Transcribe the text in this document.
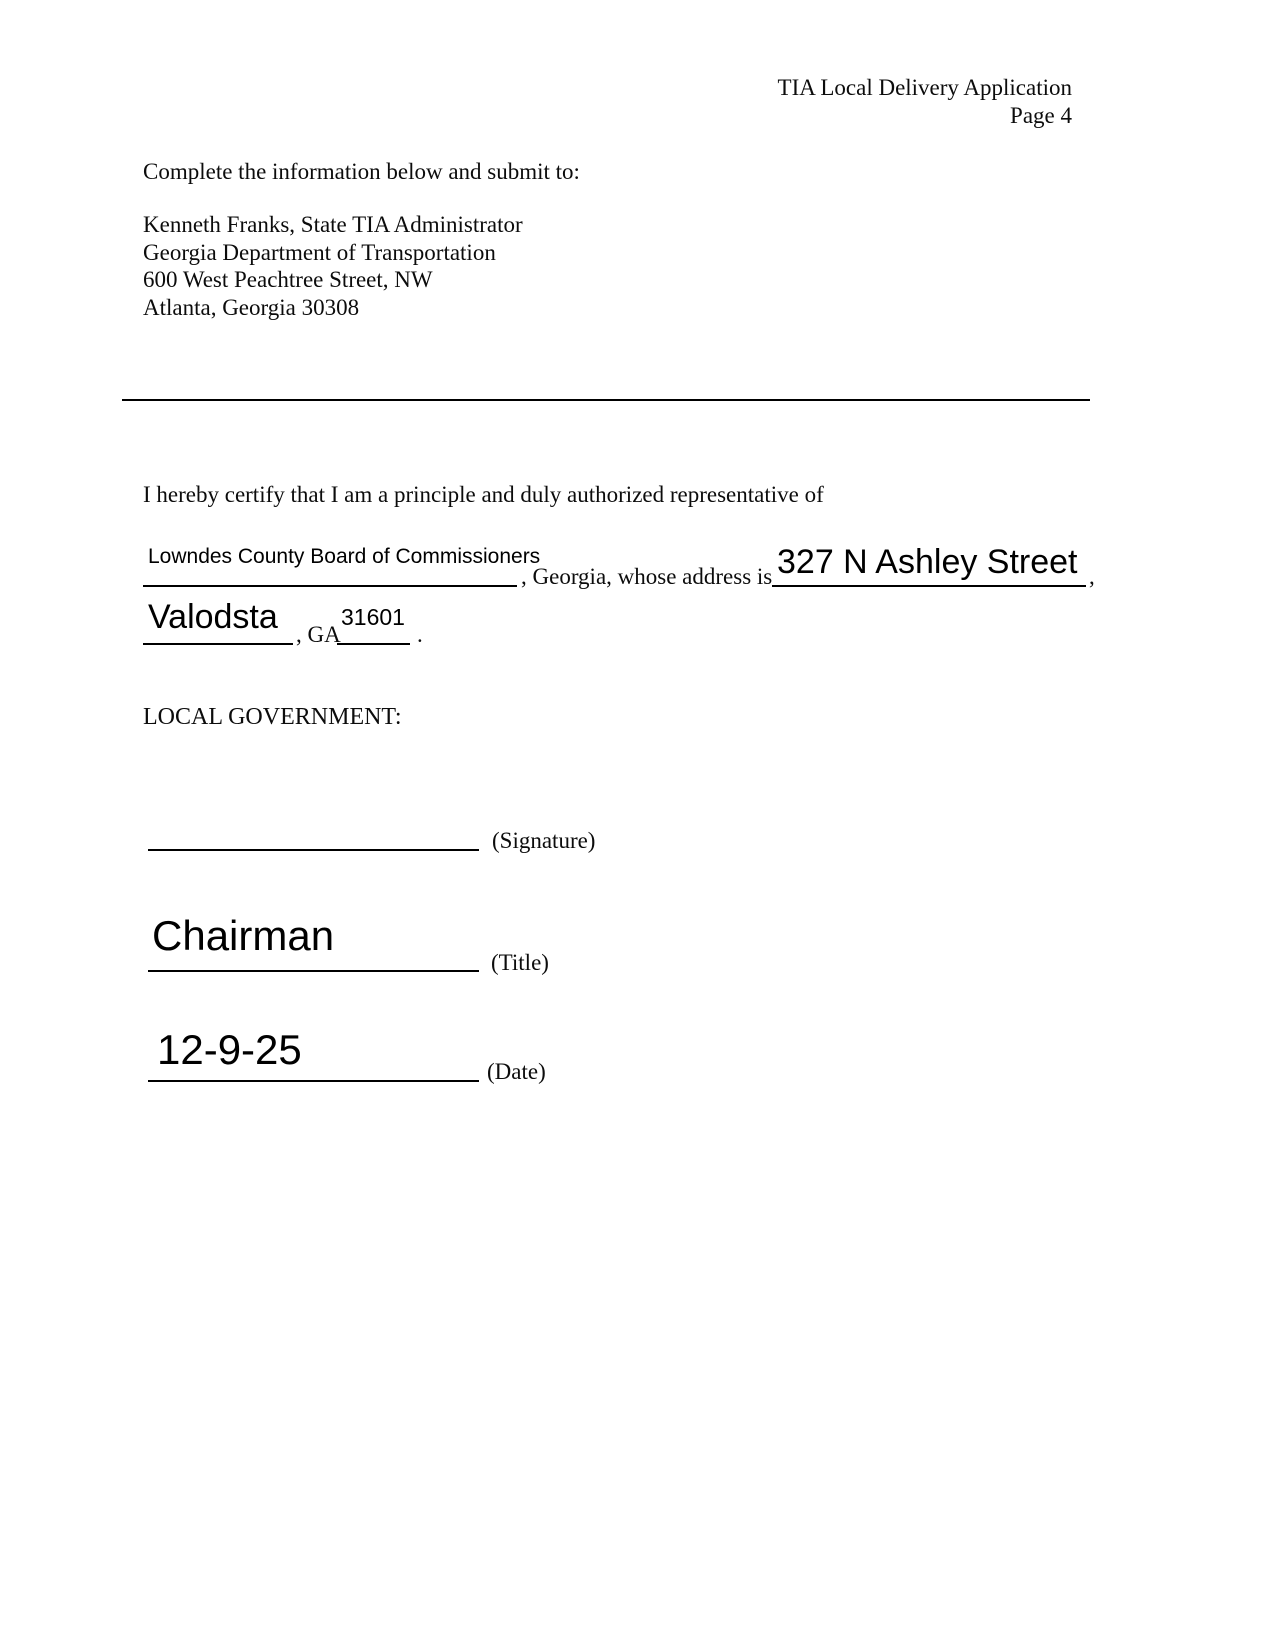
TIA Local Delivery Application
Page 4
Complete the information below and submit to:
Kenneth Franks, State TIA Administrator
Georgia Department of Transportation
600 West Peachtree Street, NW
Atlanta, Georgia 30308
I hereby certify that I am a principle and duly authorized representative of
Lowndes County Board of Commissioners
, Georgia, whose address is 327 N Ashley Street ,
Valodsta , GA
31601
.
LOCAL GOVERNMENT:
(Signature)
Chairman
(Title)
12-9-25	(Date)
